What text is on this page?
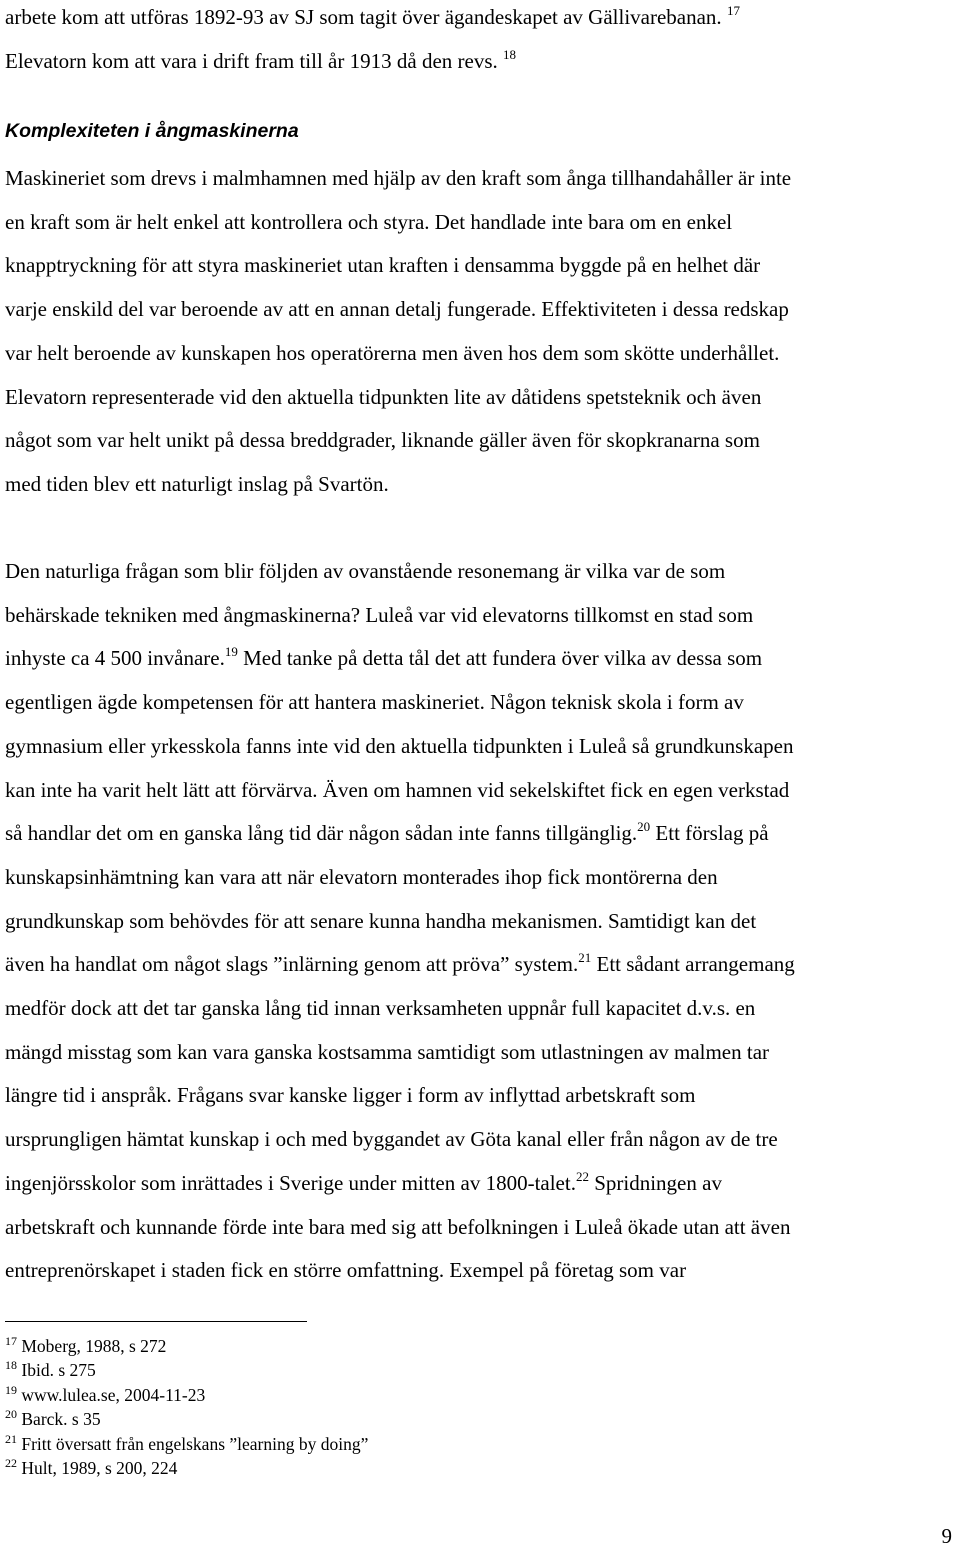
arbete kom att utföras 1892-93 av SJ som tagit över ägandeskapet av Gällivarebanan. $^{17}$
Elevatorn kom att vara i drift fram till år 1913 då den revs. $^{18}$
Komplexiteten i ångmaskinerna
Maskineriet som drevs i malmhamnen med hjälp av den kraft som ånga tillhandahåller är inte
en kraft som är helt enkel att kontrollera och styra. Det handlade inte bara om en enkel
knapptryckning för att styra maskineriet utan kraften i densamma byggde på en helhet där
varje enskild del var beroende av att en annan detalj fungerade. Effektiviteten i dessa redskap
var helt beroende av kunskapen hos operatörerna men även hos dem som skötte underhållet.
Elevatorn representerade vid den aktuella tidpunkten lite av dåtidens spetsteknik och även
något som var helt unikt på dessa breddgrader, liknande gäller även för skopkranarna som
med tiden blev ett naturligt inslag på Svartön.
Den naturliga frågan som blir följden av ovanstående resonemang är vilka var de som
behärskade tekniken med ångmaskinerna? Luleå var vid elevatorns tillkomst en stad som
inhyste ca 4 500 invånare.$^{19}$ Med tanke på detta tål det att fundera över vilka av dessa som
egentligen ägde kompetensen för att hantera maskineriet. Någon teknisk skola i form av
gymnasium eller yrkesskola fanns inte vid den aktuella tidpunkten i Luleå så grundkunskapen
kan inte ha varit helt lätt att förvärva. Även om hamnen vid sekelskiftet fick en egen verkstad
så handlar det om en ganska lång tid där någon sådan inte fanns tillgänglig.$^{20}$ Ett förslag på
kunskapsinhämtning kan vara att när elevatorn monterades ihop fick montörerna den
grundkunskap som behövdes för att senare kunna handha mekanismen. Samtidigt kan det
även ha handlat om något slags ”inlärning genom att pröva” system.$^{21}$ Ett sådant arrangemang
medför dock att det tar ganska lång tid innan verksamheten uppnår full kapacitet d.v.s. en
mängd misstag som kan vara ganska kostsamma samtidigt som utlastningen av malmen tar
längre tid i anspråk. Frågans svar kanske ligger i form av inflyttad arbetskraft som
ursprungligen hämtat kunskap i och med byggandet av Göta kanal eller från någon av de tre
ingenjörsskolor som inrättades i Sverige under mitten av 1800-talet.$^{22}$ Spridningen av
arbetskraft och kunnande förde inte bara med sig att befolkningen i Luleå ökade utan att även
entreprenörskapet i staden fick en större omfattning. Exempel på företag som var
$^{17}$ Moberg, 1988, s 272
$^{18}$ Ibid. s 275
$^{19}$ www.lulea.se, 2004-11-23
$^{20}$ Barck. s 35
$^{21}$ Fritt översatt från engelskans ”learning by doing”
$^{22}$ Hult, 1989, s 200, 224
9
